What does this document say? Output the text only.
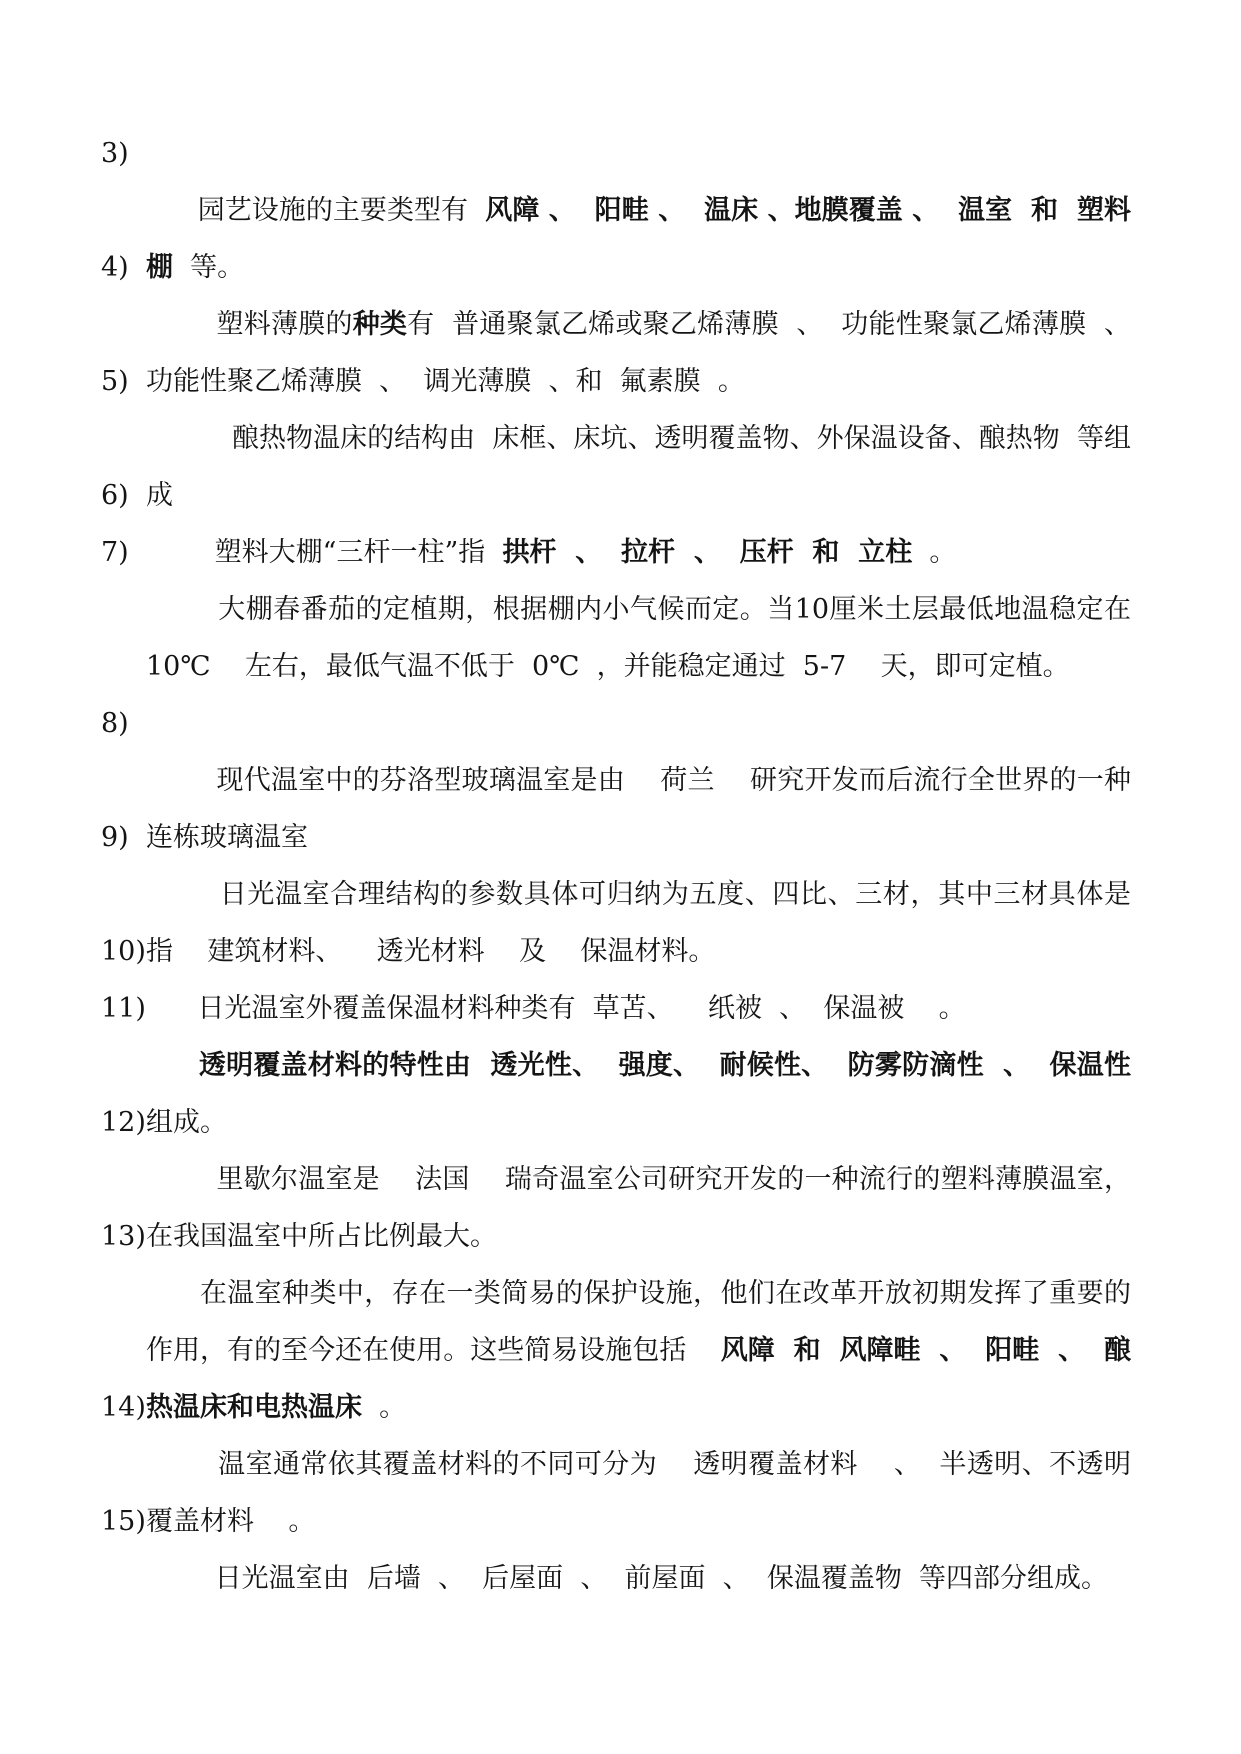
3)

园艺设施的主要类型有  风障 、  阳畦 、  温床 、地膜覆盖 、  温室  和  塑料棚  等。

4)

塑料薄膜的种类有  普通聚氯乙烯或聚乙烯薄膜  、  功能性聚氯乙烯薄膜  、  功能性聚乙烯薄膜  、  调光薄膜  、和  氟素膜  。

5)

酿热物温床的结构由  床框、床坑、透明覆盖物、外保温设备、酿热物  等组成

6)

塑料大棚“三杆一柱”指  拱杆  、  拉杆  、  压杆  和  立柱  。

7)

大棚春番茄的定植期，根据棚内小气候而定。当10厘米土层最低地温稳定在    10℃    左右，最低气温不低于  0℃  ，并能稳定通过  5-7    天，即可定植。

8)

现代温室中的芬洛型玻璃温室是由    荷兰    研究开发而后流行全世界的一种连栋玻璃温室

9)

日光温室合理结构的参数具体可归纳为五度、四比、三材，其中三材具体是指    建筑材料、    透光材料    及    保温材料。

10)

日光温室外覆盖保温材料种类有  草苫、    纸被  、  保温被    。

11)

透明覆盖材料的特性由  透光性、  强度、  耐候性、  防雾防滴性  、  保温性  组成。

12)

里歇尔温室是    法国    瑞奇温室公司研究开发的一种流行的塑料薄膜温室，在我国温室中所占比例最大。

13)

在温室种类中，存在一类简易的保护设施，他们在改革开放初期发挥了重要的作用，有的至今还在使用。这些简易设施包括    风障  和  风障畦  、  阳畦  、  酿热温床和电热温床  。

14)

温室通常依其覆盖材料的不同可分为    透明覆盖材料    、  半透明、不透明覆盖材料    。

15)

日光温室由  后墙  、  后屋面  、  前屋面  、  保温覆盖物  等四部分组成。
